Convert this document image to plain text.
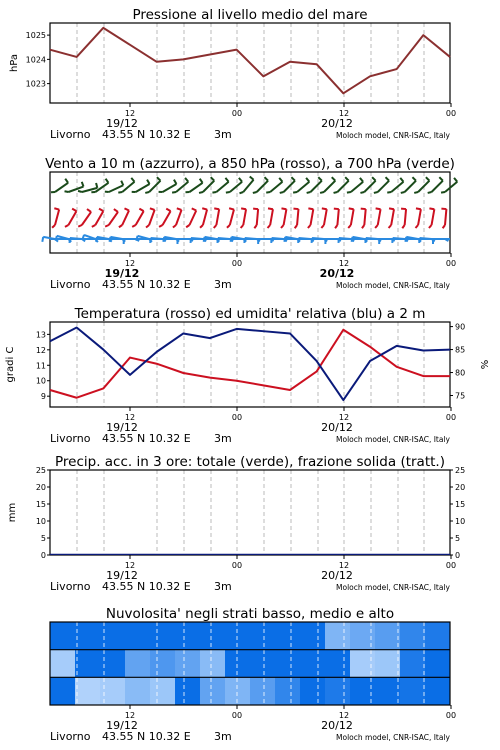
Pressione al livello medio del mare
1025
1024
1023
hPa
12	00	12	00
19/12	20/12
Livorno 43.55 N 10.32 E 3m	Moloch model, CNR-ISAC, Italy
Vento a 10 m (azzurro), a 850 hPa (rosso), a 700 hPa (verde)
12	00	12	00
19/12	20/12
Livorno 43.55 N 10.32 E 3m	Moloch model, CNR-ISAC, Italy
Temperatura (rosso) ed umidita' relativa (blu) a 2 m
13
12
11
10
9
90
85
80
75
gradi C	%
12	00	12	00
19/12	20/12
Livorno 43.55 N 10.32 E 3m	Moloch model, CNR-ISAC, Italy
Precip. acc. in 3 ore: totale (verde), frazione solida (tratt.)
25
20
15
10
5
0
25
20
15
10
5
0
mm
12	00	12	00
19/12	20/12
Livorno 43.55 N 10.32 E 3m	Moloch model, CNR-ISAC, Italy
Nuvolosita' negli strati basso, medio e alto
12	00	12	00
19/12	20/12
Livorno 43.55 N 10.32 E 3m	Moloch model, CNR-ISAC, Italy
